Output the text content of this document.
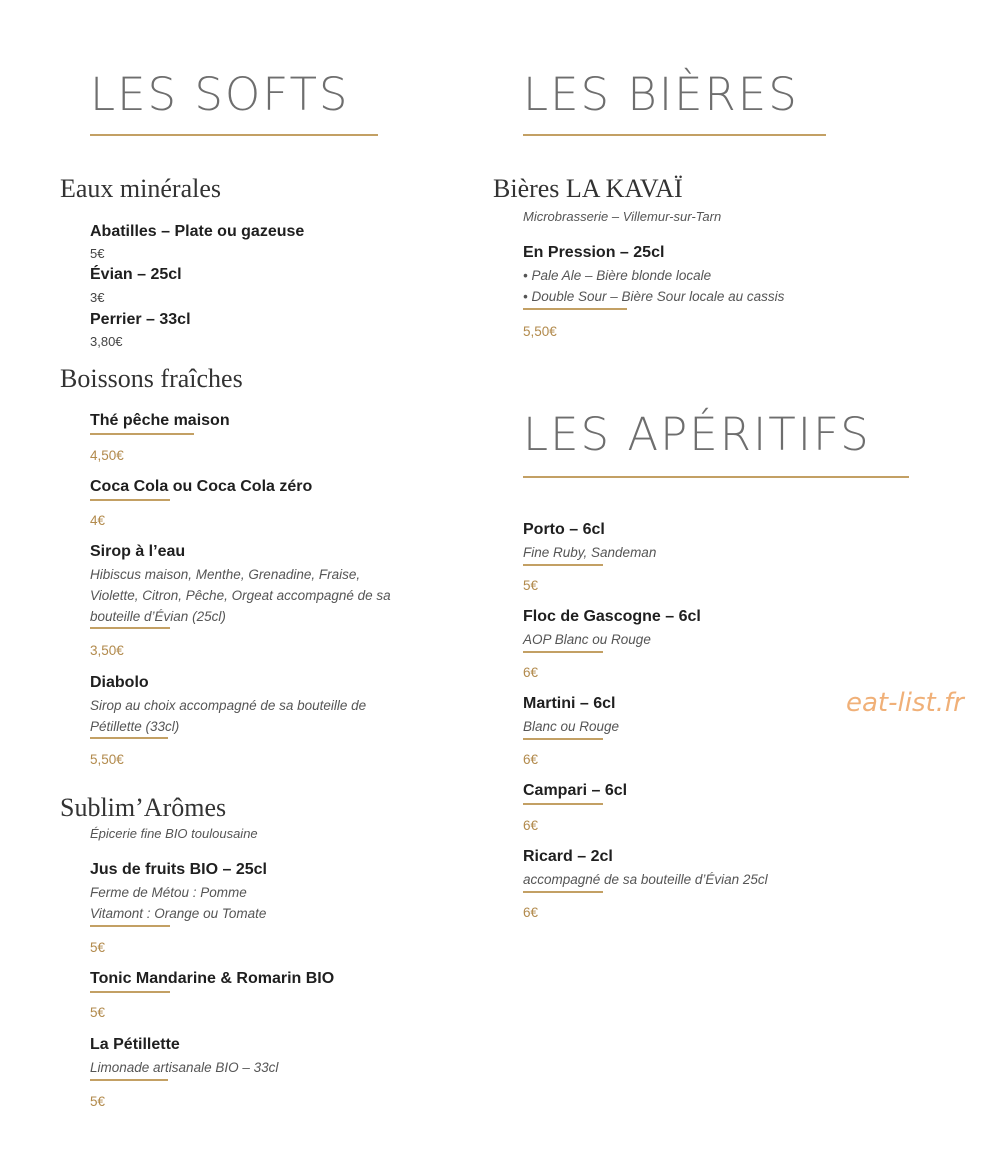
LES SOFTS
Eaux minérales
Abatilles – Plate ou gazeuse
5€
Évian – 25cl
3€
Perrier – 33cl
3,80€
Boissons fraîches
Thé pêche maison
4,50€
Coca Cola ou Coca Cola zéro
4€
Sirop à l’eau
Hibiscus maison, Menthe, Grenadine, Fraise,
Violette, Citron, Pêche, Orgeat accompagné de sa
bouteille d’Évian (25cl)
3,50€
Diabolo
Sirop au choix accompagné de sa bouteille de
Pétillette (33cl)
5,50€
Sublim’Arômes
Épicerie fine BIO toulousaine
Jus de fruits BIO – 25cl
Ferme de Métou : Pomme
Vitamont : Orange ou Tomate
5€
Tonic Mandarine & Romarin BIO
5€
La Pétillette
Limonade artisanale BIO – 33cl
5€
LES BIÈRES
Bières LA KAVAÏ
Microbrasserie – Villemur-sur-Tarn
En Pression – 25cl
• Pale Ale – Bière blonde locale
• Double Sour – Bière Sour locale au cassis
5,50€
LES APÉRITIFS
Porto – 6cl
Fine Ruby, Sandeman
5€
Floc de Gascogne – 6cl
AOP Blanc ou Rouge
6€
Martini – 6cl
Blanc ou Rouge
6€
Campari – 6cl
6€
Ricard – 2cl
accompagné de sa bouteille d’Évian 25cl
6€
eat-list.fr
